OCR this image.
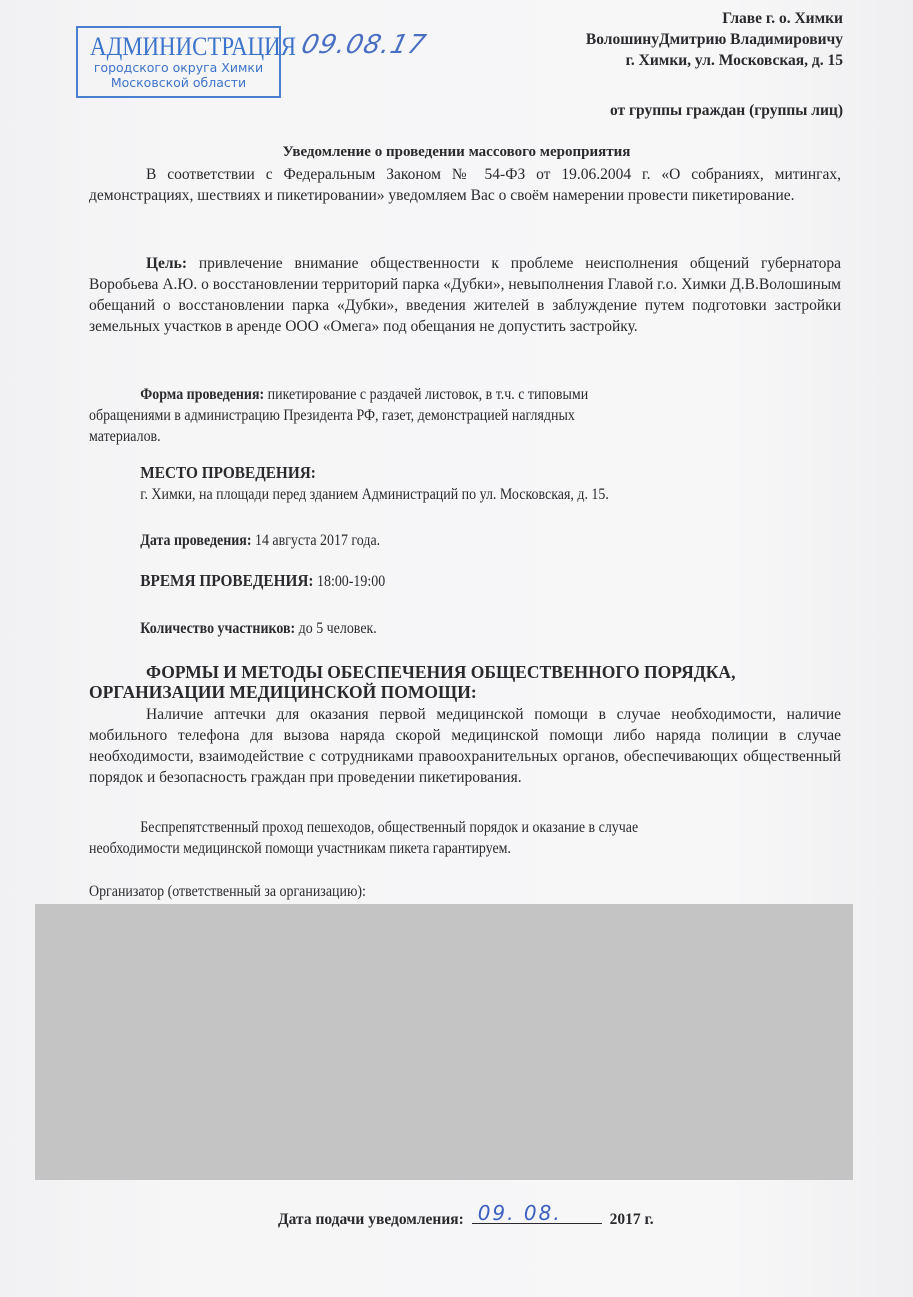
АДМИНИСТРАЦИЯ
городского округа Химки
Московской области
09.08.17
Главе г. о. Химки
ВолошинуДмитрию Владимировичу
г. Химки, ул. Московская, д. 15
от группы граждан (группы лиц)
Уведомление о проведении массового мероприятия
В соответствии с Федеральным Законом № 54-ФЗ от 19.06.2004 г. «О собраниях, митингах, демонстрациях, шествиях и пикетировании» уведомляем Вас о своём намерении провести пикетирование.
Цель: привлечение внимание общественности к проблеме неисполнения общений губернатора Воробьева А.Ю. о восстановлении территорий парка «Дубки», невыполнения Главой г.о. Химки Д.В.Волошиным обещаний о восстановлении парка «Дубки», введения жителей в заблуждение путем подготовки застройки земельных участков в аренде ООО «Омега» под обещания не допустить застройку.
Форма проведения: пикетирование с раздачей листовок, в т.ч. с типовыми
обращениями в администрацию Президента РФ, газет, демонстрацией наглядных
материалов.
МЕСТО ПРОВЕДЕНИЯ:
г. Химки, на площади перед зданием Администраций по ул. Московская, д. 15.
Дата проведения: 14 августа 2017 года.
ВРЕМЯ ПРОВЕДЕНИЯ: 18:00-19:00
Количество участников: до 5 человек.
ФОРМЫ И МЕТОДЫ ОБЕСПЕЧЕНИЯ ОБЩЕСТВЕННОГО ПОРЯДКА,
ОРГАНИЗАЦИИ МЕДИЦИНСКОЙ ПОМОЩИ:
Наличие аптечки для оказания первой медицинской помощи в случае необходимости, наличие мобильного телефона для вызова наряда скорой медицинской помощи либо наряда полиции в случае необходимости, взаимодействие с сотрудниками правоохранительных органов, обеспечивающих общественный порядок и безопасность граждан при проведении пикетирования.
Беспрепятственный проход пешеходов, общественный порядок и оказание в случае
необходимости медицинской помощи участникам пикета гарантируем.
Организатор (ответственный за организацию):
Дата подачи уведомления: 09. 08.	2017 г.
